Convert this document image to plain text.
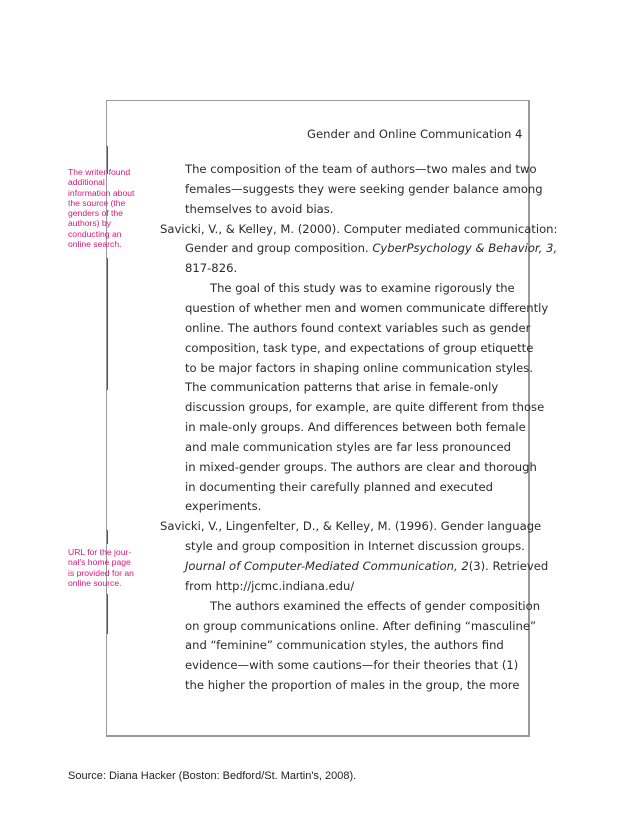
Gender and Online Communication 4
The composition of the team of authors—two males and two
females—suggests they were seeking gender balance among
themselves to avoid bias.
Savicki, V., & Kelley, M. (2000). Computer mediated communication:
Gender and group composition. CyberPsychology & Behavior, 3,
817-826.
The goal of this study was to examine rigorously the
question of whether men and women communicate differently
online. The authors found context variables such as gender
composition, task type, and expectations of group etiquette
to be major factors in shaping online communication styles.
The communication patterns that arise in female-only
discussion groups, for example, are quite different from those
in male-only groups. And differences between both female
and male communication styles are far less pronounced
in mixed-gender groups. The authors are clear and thorough
in documenting their carefully planned and executed
experiments.
Savicki, V., Lingenfelter, D., & Kelley, M. (1996). Gender language
style and group composition in Internet discussion groups.
Journal of Computer-Mediated Communication, 2(3). Retrieved
from http://jcmc.indiana.edu/
The authors examined the effects of gender composition
on group communications online. After defining “masculine”
and “feminine” communication styles, the authors find
evidence—with some cautions—for their theories that (1)
the higher the proportion of males in the group, the more
The writer found
additional
information about
the source (the
genders of the
authors) by
conducting an
online search.
URL for the jour-
nal's home page
is provided for an
online source.
Source: Diana Hacker (Boston: Bedford/St. Martin's, 2008).
